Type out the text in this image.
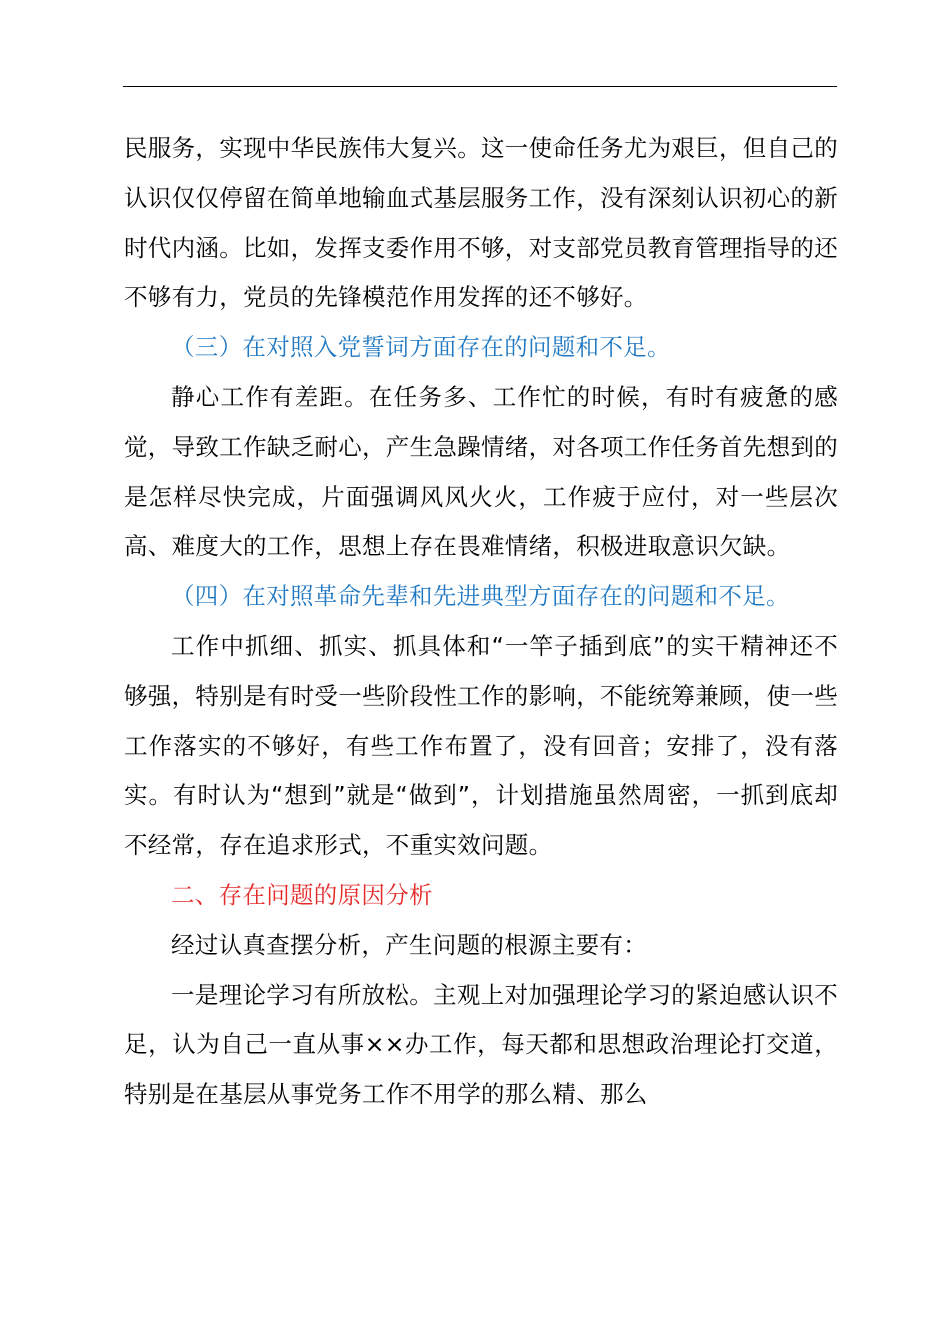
民服务，实现中华民族伟大复兴。这一使命任务尤为艰巨，但自己的认识仅仅停留在简单地输血式基层服务工作，没有深刻认识初心的新时代内涵。比如，发挥支委作用不够，对支部党员教育管理指导的还不够有力，党员的先锋模范作用发挥的还不够好。

（三）在对照入党誓词方面存在的问题和不足。

静心工作有差距。在任务多、工作忙的时候，有时有疲惫的感觉，导致工作缺乏耐心，产生急躁情绪，对各项工作任务首先想到的是怎样尽快完成，片面强调风风火火，工作疲于应付，对一些层次高、难度大的工作，思想上存在畏难情绪，积极进取意识欠缺。

（四）在对照革命先辈和先进典型方面存在的问题和不足。

工作中抓细、抓实、抓具体和“一竿子插到底”的实干精神还不够强，特别是有时受一些阶段性工作的影响，不能统筹兼顾，使一些工作落实的不够好，有些工作布置了，没有回音；安排了，没有落实。有时认为“想到”就是“做到”，计划措施虽然周密，一抓到底却不经常，存在追求形式，不重实效问题。

二、存在问题的原因分析

经过认真查摆分析，产生问题的根源主要有：

一是理论学习有所放松。主观上对加强理论学习的紧迫感认识不足，认为自己一直从事××办工作，每天都和思想政治理论打交道，特别是在基层从事党务工作不用学的那么精、那么
